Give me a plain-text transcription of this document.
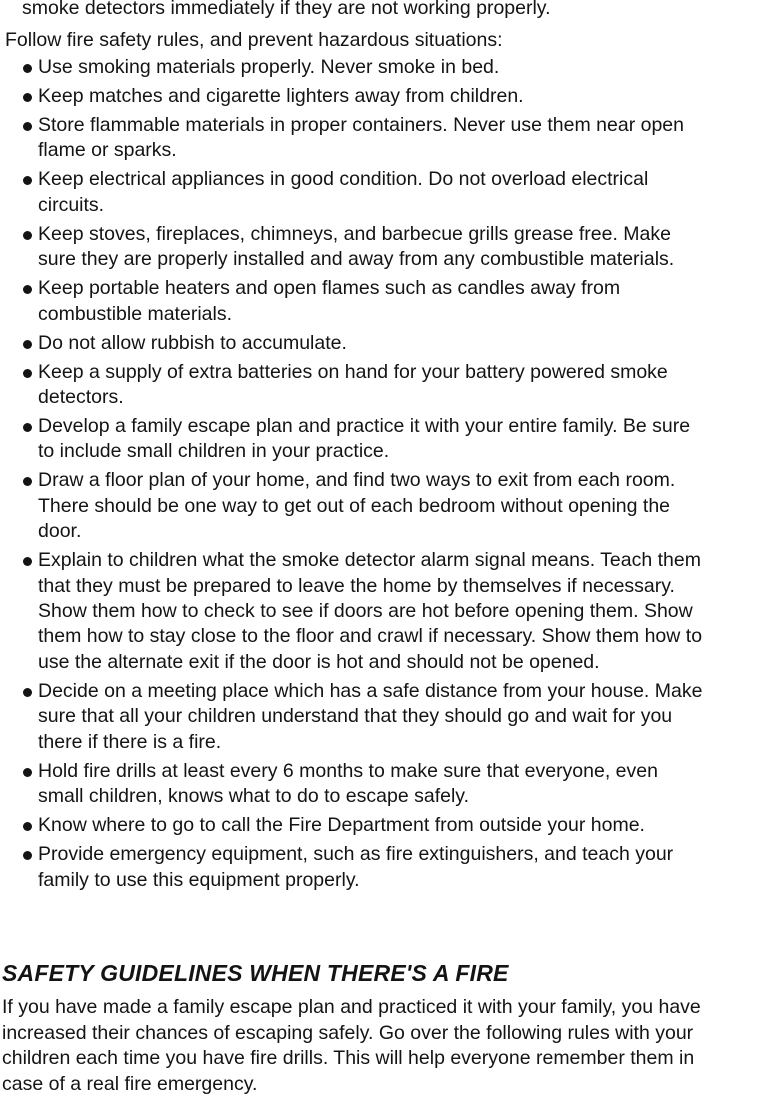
smoke detectors immediately if they are not working properly.
Follow fire safety rules, and prevent hazardous situations:
Use smoking materials properly. Never smoke in bed.
Keep matches and cigarette lighters away from children.
Store flammable materials in proper containers. Never use them near open flame or sparks.
Keep electrical appliances in good condition. Do not overload electrical circuits.
Keep stoves, fireplaces, chimneys, and barbecue grills grease free. Make sure they are properly installed and away from any combustible materials.
Keep portable heaters and open flames such as candles away from combustible materials.
Do not allow rubbish to accumulate.
Keep a supply of extra batteries on hand for your battery powered smoke detectors.
Develop a family escape plan and practice it with your entire family. Be sure to include small children in your practice.
Draw a floor plan of your home, and find two ways to exit from each room. There should be one way to get out of each bedroom without opening the door.
Explain to children what the smoke detector alarm signal means. Teach them that they must be prepared to leave the home by themselves if necessary. Show them how to check to see if doors are hot before opening them. Show them how to stay close to the floor and crawl if necessary. Show them how to use the alternate exit if the door is hot and should not be opened.
Decide on a meeting place which has a safe distance from your house. Make sure that all your children understand that they should go and wait for you there if there is a fire.
Hold fire drills at least every 6 months to make sure that everyone, even small children, knows what to do to escape safely.
Know where to go to call the Fire Department from outside your home.
Provide emergency equipment, such as fire extinguishers, and teach your family to use this equipment properly.
SAFETY GUIDELINES WHEN THERE'S A FIRE
If you have made a family escape plan and practiced it with your family, you have increased their chances of escaping safely. Go over the following rules with your children each time you have fire drills. This will help everyone remember them in case of a real fire emergency.
